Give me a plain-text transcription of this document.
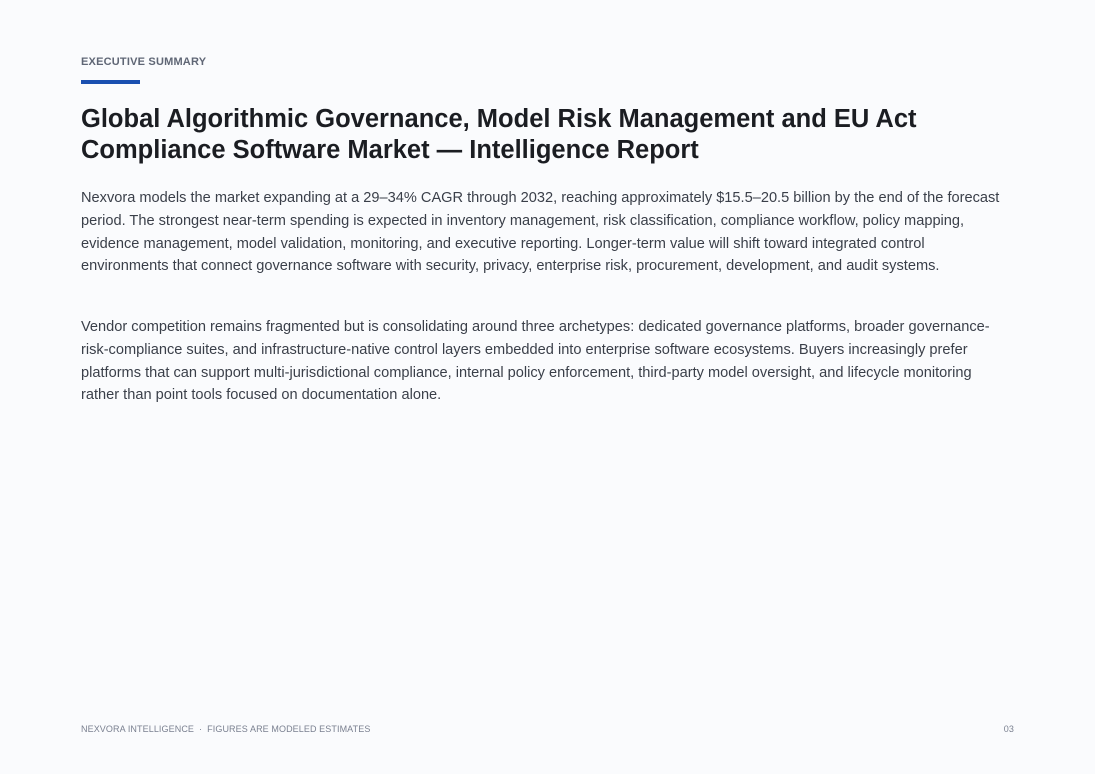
EXECUTIVE SUMMARY
Global Algorithmic Governance, Model Risk Management and EU Act Compliance Software Market — Intelligence Report

Nexvora models the market expanding at a 29–34% CAGR through 2032, reaching approximately $15.5–20.5 billion by the end of the forecast period. The strongest near-term spending is expected in inventory management, risk classification, compliance workflow, policy mapping, evidence management, model validation, monitoring, and executive reporting. Longer-term value will shift toward integrated control environments that connect governance software with security, privacy, enterprise risk, procurement, development, and audit systems.

Vendor competition remains fragmented but is consolidating around three archetypes: dedicated governance platforms, broader governance-risk-compliance suites, and infrastructure-native control layers embedded into enterprise software ecosystems. Buyers increasingly prefer platforms that can support multi-jurisdictional compliance, internal policy enforcement, third-party model oversight, and lifecycle monitoring rather than point tools focused on documentation alone.

NEXVORA INTELLIGENCE · FIGURES ARE MODELED ESTIMATES	03
